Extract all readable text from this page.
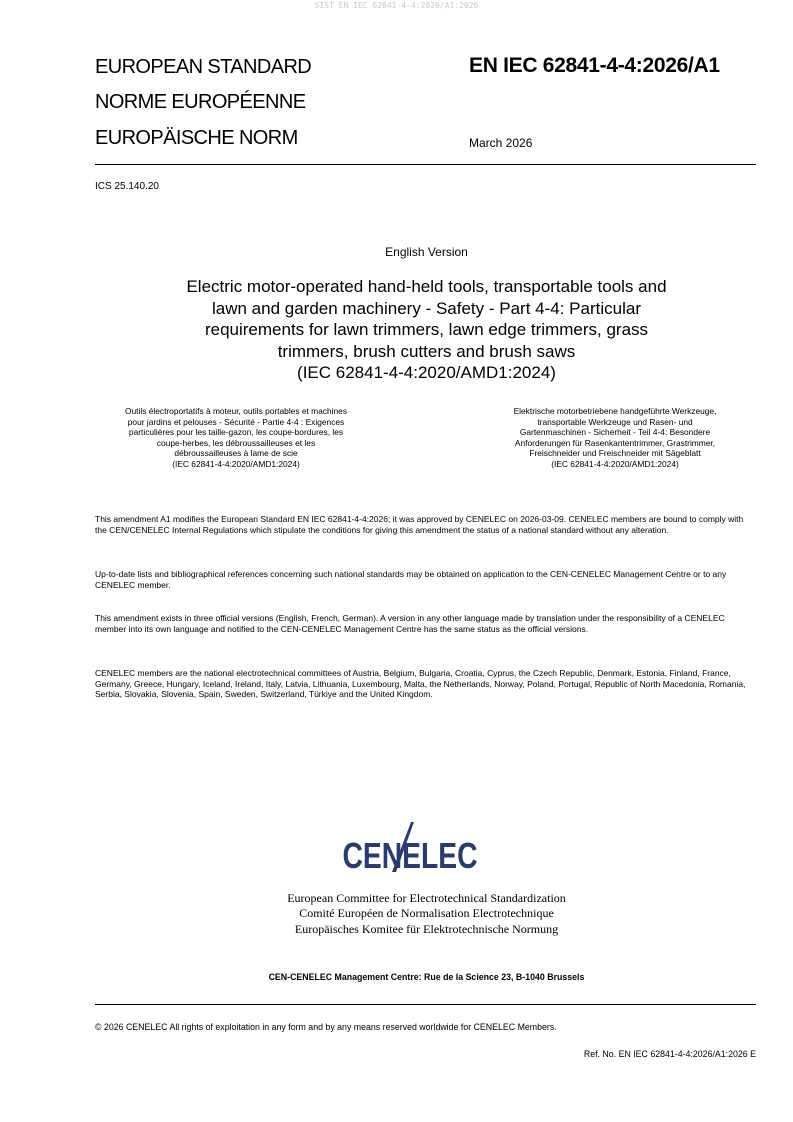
SIST EN IEC 62841-4-4:2026/A1:2026
EUROPEAN STANDARD
NORME EUROPÉENNE
EUROPÄISCHE NORM
EN IEC 62841-4-4:2026/A1
March 2026
ICS 25.140.20
English Version
Electric motor-operated hand-held tools, transportable tools and
lawn and garden machinery - Safety - Part 4-4: Particular
requirements for lawn trimmers, lawn edge trimmers, grass
trimmers, brush cutters and brush saws
(IEC 62841-4-4:2020/AMD1:2024)
Outils électroportatifs à moteur, outils portables et machines
pour jardins et pelouses - Sécurité - Partie 4-4 : Exigences
particulières pour les taille-gazon, les coupe-bordures, les
coupe-herbes, les débroussailleuses et les
débroussailleuses à lame de scie
(IEC 62841-4-4:2020/AMD1:2024)
Elektrische motorbetriebene handgeführte Werkzeuge,
transportable Werkzeuge und Rasen- und
Gartenmaschinen - Sicherheit - Teil 4-4: Besondere
Anforderungen für Rasenkantentrimmer, Grastrimmer,
Freischneider und Freischneider mit Sägeblatt
(IEC 62841-4-4:2020/AMD1:2024)
This amendment A1 modifies the European Standard EN IEC 62841-4-4:2026; it was approved by CENELEC on 2026-03-09. CENELEC members are bound to comply with the CEN/CENELEC Internal Regulations which stipulate the conditions for giving this amendment the status of a national standard without any alteration.
Up-to-date lists and bibliographical references concerning such national standards may be obtained on application to the CEN-CENELEC Management Centre or to any CENELEC member.
This amendment exists in three official versions (English, French, German). A version in any other language made by translation under the responsibility of a CENELEC member into its own language and notified to the CEN-CENELEC Management Centre has the same status as the official versions.
CENELEC members are the national electrotechnical committees of Austria, Belgium, Bulgaria, Croatia, Cyprus, the Czech Republic, Denmark, Estonia, Finland, France, Germany, Greece, Hungary, Iceland, Ireland, Italy, Latvia, Lithuania, Luxembourg, Malta, the Netherlands, Norway, Poland, Portugal, Republic of North Macedonia, Romania, Serbia, Slovakia, Slovenia, Spain, Sweden, Switzerland, Türkiye and the United Kingdom.
CENELEC
European Committee for Electrotechnical Standardization
Comité Européen de Normalisation Electrotechnique
Europäisches Komitee für Elektrotechnische Normung
CEN-CENELEC Management Centre: Rue de la Science 23, B-1040 Brussels
© 2026 CENELEC All rights of exploitation in any form and by any means reserved worldwide for CENELEC Members.
Ref. No. EN IEC 62841-4-4:2026/A1:2026 E
